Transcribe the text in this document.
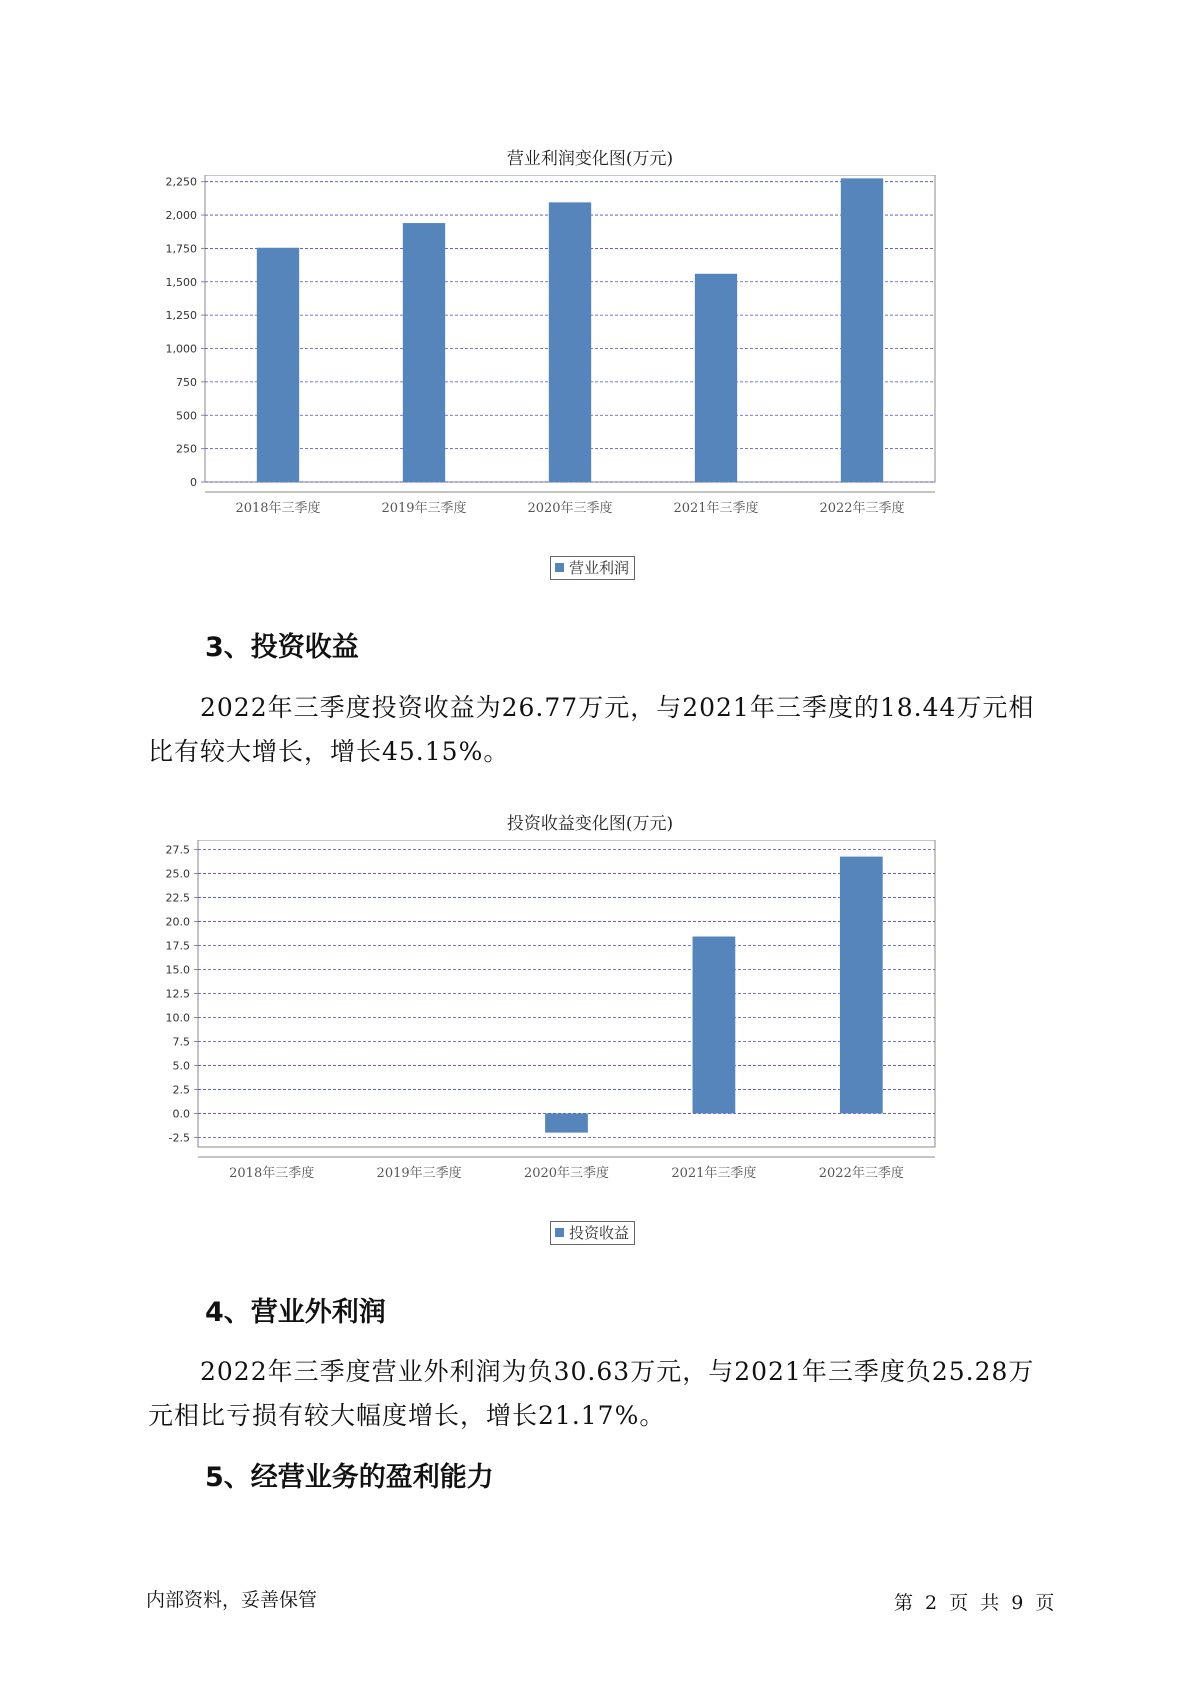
营业利润变化图(万元)
0
250
500
750
1,000
1,250
1,500
1,750
2,000
2,250
2018年三季度	2019年三季度	2020年三季度	2021年三季度	2022年三季度
营业利润
3、投资收益

2022年三季度投资收益为26.77万元，与2021年三季度的18.44万元相比有较大增长，增长45.15%。

投资收益变化图(万元)
-2.5
0.0
2.5
5.0
7.5
10.0
12.5
15.0
17.5
20.0
22.5
25.0
27.5
2018年三季度	2019年三季度	2020年三季度	2021年三季度	2022年三季度
投资收益
4、营业外利润

2022年三季度营业外利润为负30.63万元，与2021年三季度负25.28万元相比亏损有较大幅度增长，增长21.17%。

5、经营业务的盈利能力
内部资料，妥善保管	第 2 页 共 9 页
